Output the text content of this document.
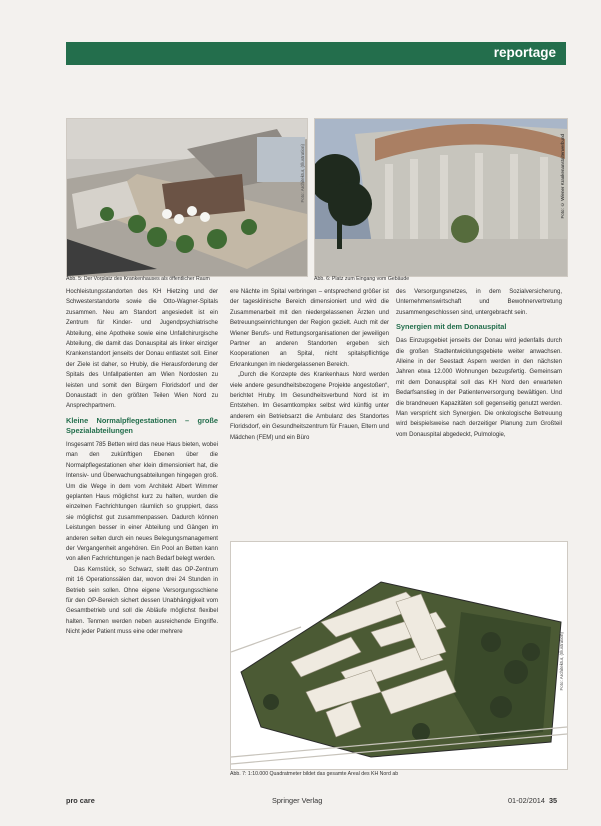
reportage
Foto: Architektur, (Illustration)
Abb. 5: Der Vorplatz des Krankenhauses als öffentlicher Raum
Foto: © Wiener Krankenanstaltenverbund
Abb. 6: Platz zum Eingang vom Gebäude

Hochleistungsstandorten des KH Hietzing und der Schwesterstandorte sowie die Otto-Wagner-Spitals zusammen. Neu am Standort angesiedelt ist ein Zentrum für Kinder- und Jugendpsychiatrische Abteilung, eine Apotheke sowie eine Unfallchirurgische Abteilung, die damit das Donauspital als linker einziger Krankenstandort jenseits der Donau entlastet soll. Einer der Ziele ist daher, so Hrubiy, die Herausforderung der Spitals des Unfallpatienten am Wien Nordosten zu leisten und somit den Bürgern Floridsdorf und der Donaustadt in den größten Teilen Wien Nord zu Ansprechpartnern.

Kleine Normalpflegestationen – große Spezialabteilungen

Insgesamt 785 Betten wird das neue Haus bieten, wobei man den zukünftigen Ebenen über die Normalpflegestationen eher klein dimensioniert hat, die Intensiv- und Überwachungsabteilungen hingegen groß. Um die Wege in dem vom Architekt Albert Wimmer geplanten Haus möglichst kurz zu halten, wurden die einzelnen Fachrichtungen räumlich so gruppiert, dass sie möglichst gut zusammenpassen. Dadurch können Leistungen besser in einer Abteilung und Gängen im anderen selten durch ein neues Belegungsmanagement der Vergangenheit angehören. Ein Pool an Betten kann von allen Fachrichtungen je nach Bedarf belegt werden.

Das Kernstück, so Schwarz, stellt das OP-Zentrum mit 16 Operationssälen dar, wovon drei 24 Stunden in Betrieb sein sollen. Ohne eigene Versorgungsschiene für den OP-Bereich sichert dessen Unabhängigkeit vom Gesamtbetrieb und soll die Abläufe möglichst flexibel halten. Tenmen werden neben ausreichende Eingriffe. Nicht jeder Patient muss eine oder mehrere

ere Nächte im Spital verbringen – entsprechend größer ist der tagesklinische Bereich dimensioniert und wird die Zusammenarbeit mit den niedergelassenen Ärzten und Betreuungseinrichtungen der Region gezielt. Auch mit der Wiener Berufs- und Rettungsorganisationen der jeweiligen Partner an anderen Standorten ergeben sich Kooperationen an Spital, nicht spitalspflichtige Erkrankungen im niedergelassenen Bereich.

„Durch die Konzepte des Krankenhaus Nord werden viele andere gesundheitsbezogene Projekte angestoßen“, berichtet Hruby. Im Gesundheitsverbund Nord ist im Entstehen. Im Gesamtkomplex selbst wird künftig unter anderem ein Betriebsarzt die Ambulanz des Standortes Floridsdorf, ein Gesundheitszentrum für Frauen, Eltern und Mädchen (FEM) und ein Büro

des Versorgungsnetzes, in dem Sozialversicherung, Unternehmenswirtschaft und Bewohnervertretung zusammengeschlossen sind, untergebracht sein.

Synergien mit dem Donauspital

Das Einzugsgebiet jenseits der Donau wird jedenfalls durch die großen Stadtentwicklungsgebiete weiter anwachsen. Alleine in der Seestadt Aspern werden in den nächsten Jahren etwa 12.000 Wohnungen bezugsfertig. Gemeinsam mit dem Donauspital soll das KH Nord den erwarteten Bedarfsanstieg in der Patientenversorgung bewältigen. Und die brandneuen Kapazitäten soll gegenseitig genutzt werden. Man verspricht sich Synergien. Die onkologische Betreuung wird beispielsweise nach derzeitiger Planung zum Großteil vom Donauspital abgedeckt, Pulmologie,

Foto: Architektur, (Illustration)
Abb. 7: 1:10.000 Quadratmeter bildet das gesamte Areal des KH Nord ab
pro care	Springer Verlag	01-02/2014 35
